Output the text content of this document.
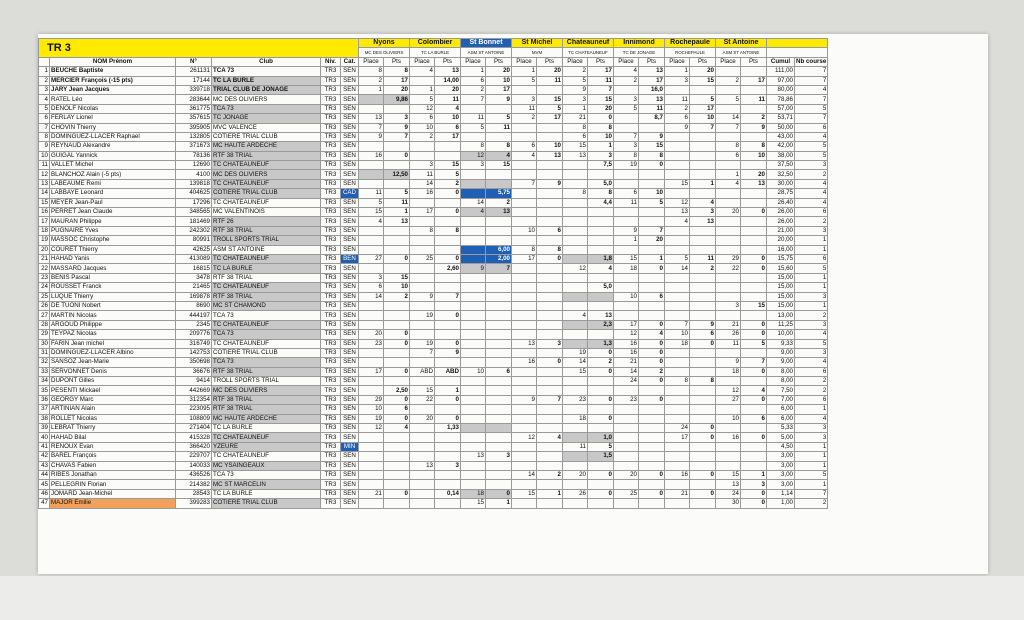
TR 3						Nyons		Colombier		St Bonnet		St Michel		Chateauneuf		Innimond		Rochepaule		St Antoine			
						MC DES OLIVIERS		TC LA BURLE		ASM ST ANTOINE		MVM		TC CHATEAUNEUF		TC DE JONAGE		ROCHEPAULE		ASM ST ANTOINE			
	NOM Prénom	N°	Club	Niv.	Cat.	Place	Pts	Place	Pts	Place	Pts	Place	Pts	Place	Pts	Place	Pts	Place	Pts	Place	Pts	Cumul	Nb course
1	BEUCHE Baptiste	261131	TCA 73	TR3	SEN	8	8	4	13	1	20	1	20	2	17	4	13	1	20			111,00	7
2	MERCIER François (-15 pts)	17144	TC LA BURLE	TR3	SEN	2	17		14,00	6	10	5	11	5	11	2	17	3	15	2	17	97,00	7
3	JARY Jean Jacques	339718	TRIAL CLUB DE JONAGE	TR3	SEN	1	20	1	20	2	17			9	7		16,0					80,00	4
4	RATEL Léo	283644	MC DES OLIVIERS	TR3	SEN		9,86	5	11	7	9	3	15	3	15	3	13	11	5	5	11	78,86	7
5	DENOLF Nicolas	361775	TCA 73	TR3	SEN			12	4			11	5	1	20	5	11	2	17			57,00	5
6	FERLAY Lionel	357615	TC JONAGE	TR3	SEN	13	3	6	10	11	5	2	17	21	0		8,7	6	10	14	2	53,71	7
7	CHOVIN Thierry	395905	MVC VALENCE	TR3	SEN	7	9	10	6	5	11			8	8			9	7	7	9	50,00	6
8	DOMINGUEZ-LLACER Raphael	132805	COTIERE TRIAL CLUB	TR3	SEN	9	7	2	17					6	10	7	9					43,00	4
9	REYNAUD Alexandre	371673	MC HAUTE ARDECHE	TR3	SEN					8	8	6	10	15	1	3	15			8	8	42,00	5
10	GUIGAL Yannick	78136	RTF 38 TRIAL	TR3	SEN	16	0			12	4	4	13	13	3	8	8			6	10	38,00	5
11	VALLET Michel	12690	TC CHATEAUNEUF	TR3	SEN			3	15	3	15				7,5	19	0					37,50	3
12	BLANCHOZ Alain (-5 pts)	4100	MC DES OLIVIERS	TR3	SEN		12,50	11	5											1	20	32,50	2
13	LABEAUME Remi	139818	TC CHATEAUNEUF	TR3	SEN			14	2			7	9		5,0			15	1	4	13	30,00	4
14	LABBAYE Leonard	404625	COTIERE TRIAL CLUB	TR3	CAD	11	5	16	0		5,75			8	8	6	10					28,75	4
15	MEYER Jean-Paul	17296	TC CHATEAUNEUF	TR3	SEN	5	11			14	2				4,4	11	5	12	4			26,40	4
16	PERRET Jean Claude	348565	MC VALENTINOIS	TR3	SEN	15	1	17	0	4	13							13	3	20	0	26,00	6
17	MAURAN Philippe	181469	RTF 26	TR3	SEN	4	13											4	13			26,00	2
18	PUGNAIRE Yves	242302	RTF 38 TRIAL	TR3	SEN			8	8			10	6			9	7					21,00	3
19	MASSOC Christophe	80991	TROLL SPORTS TRIAL	TR3	SEN											1	20					20,00	1
20	COURET Thierry	42625	ASM ST ANTOINE	TR3	SEN						6,00	8	8									16,00	1
21	HAHAD Yanis	413089	TC CHATEAUNEUF	TR3	BEN	27	0	25	0		2,00	17	0		1,8	15	1	5	11	29	0	15,75	6
22	MASSARD Jacques	16815	TC LA BURLE	TR3	SEN				2,60	9	7			12	4	18	0	14	2	22	0	15,60	5
23	BENIS Pascal	3478	RTF 38 TRIAL	TR3	SEN	3	15															15,00	1
24	ROUSSET Franck	21465	TC CHATEAUNEUF	TR3	SEN	6	10								5,0							15,00	1
25	LUQUE Thierry	169878	RTF 38 TRIAL	TR3	SEN	14	2	9	7							10	6					15,00	3
26	DE TUONI Nobert	8690	MC ST CHAMOND	TR3	SEN															3	15	15,00	1
27	MARTIN Nicolas	444197	TCA 73	TR3	SEN			19	0					4	13							13,00	2
28	ARGOUD Philippe	2345	TC CHATEAUNEUF	TR3	SEN										2,3	17	0	7	9	21	0	11,25	3
29	TEYPAZ Nicolas	209776	TCA 73	TR3	SEN	20	0									12	4	10	6	26	0	10,00	4
30	FARIN Jean michel	316749	TC CHATEAUNEUF	TR3	SEN	23	0	19	0			13	3		1,3	16	0	18	0	11	5	9,33	5
31	DOMINGUEZ-LLACER Albino	142753	COTIERE TRIAL CLUB	TR3	SEN			7	9					19	0	16	0					9,00	3
32	SANSOZ Jean-Marie	350698	TCA 73	TR3	SEN							16	0	14	2	21	0			9	7	9,00	4
33	SERVONNET Denis	36676	RTF 38 TRIAL	TR3	SEN	17	0	ABD	ABD	10	6			15	0	14	2			18	0	8,00	6
34	DUPONT Gilles	9414	TROLL SPORTS TRIAL	TR3	SEN											24	0	8	8			8,00	2
35	PESENTI Mickael	442669	MC DES OLIVIERS	TR3	SEN		2,50	15	1											12	4	7,50	2
36	GEORGY Marc	312354	RTF 38 TRIAL	TR3	SEN	29	0	22	0			9	7	23	0	23	0			27	0	7,00	6
37	ARTINIAN Alain	223095	RTF 38 TRIAL	TR3	SEN	10	6															6,00	1
38	ROLLET Nicolas	108809	MC HAUTE ARDECHE	TR3	SEN	19	0	20	0					18	0					10	6	6,00	4
39	LEBRAT Thierry	271404	TC LA BURLE	TR3	SEN	12	4		1,33									24	0			5,33	3
40	HAHAD Bilal	415328	TC CHATEAUNEUF	TR3	SEN							12	4		1,0			17	0	16	0	5,00	3
41	RENOUX Evan	366420	YZEURE	TR3	MIN									11	5							4,50	1
42	BAREL François	229707	TC CHATEAUNEUF	TR3	SEN					13	3				1,5							3,00	1
43	CHAVAS Fabien	140033	MC YSAINGEAUX	TR3	SEN			13	3													3,00	1
44	RIBES Jonathan	436526	TCA 73	TR3	SEN							14	2	20	0	20	0	16	0	15	1	3,00	5
45	PELLEGRIN Florian	214382	MC ST MARCELIN	TR3	SEN															13	3	3,00	1
46	JOMARD Jean-Michel	28543	TC LA BURLE	TR3	SEN	21	0		0,14	18	0	15	1	26	0	25	0	21	0	24	0	1,14	7
47	MAJOR Emilie	399283	COTIERE TRIAL CLUB	TR3	SEN					15	1									30	0	1,00	2
